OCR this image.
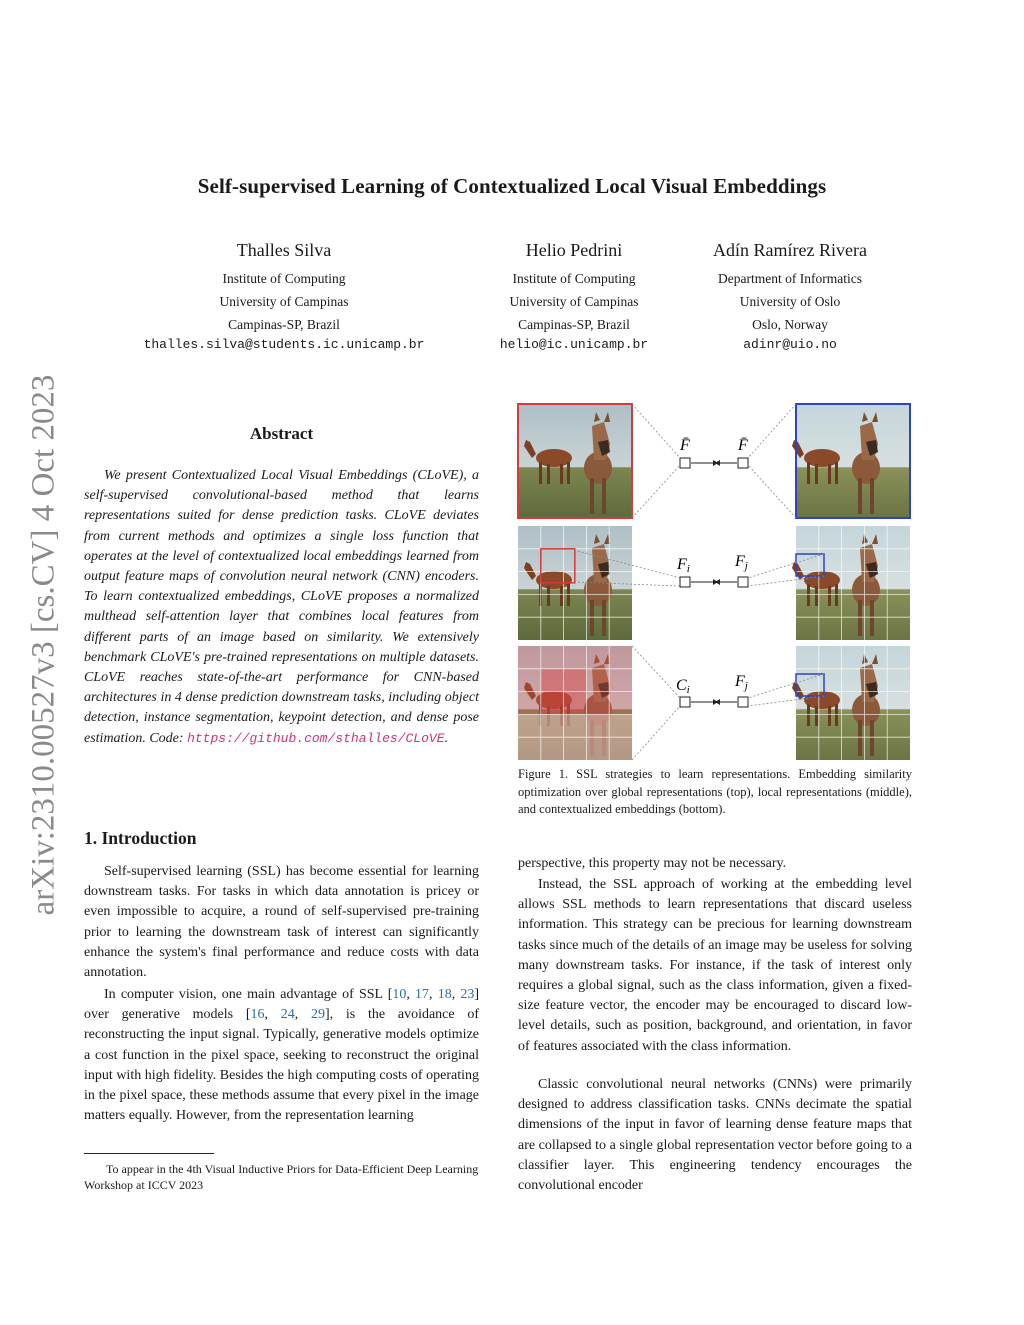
arXiv:2310.00527v3 [cs.CV] 4 Oct 2023
Self-supervised Learning of Contextualized Local Visual Embeddings
Thalles Silva
Institute of Computing
University of Campinas
Campinas-SP, Brazil
thalles.silva@students.ic.unicamp.br
Helio Pedrini
Institute of Computing
University of Campinas
Campinas-SP, Brazil
helio@ic.unicamp.br
Adín Ramírez Rivera
Department of Informatics
University of Oslo
Oslo, Norway
adinr@uio.no
Abstract
We present Contextualized Local Visual Embeddings (CLoVE), a self-supervised convolutional-based method that learns representations suited for dense prediction tasks. CLoVE deviates from current methods and optimizes a single loss function that operates at the level of contextualized local embeddings learned from output feature maps of convolution neural network (CNN) encoders. To learn contextualized embeddings, CLoVE proposes a normalized multhead self-attention layer that combines local features from different parts of an image based on similarity. We extensively benchmark CLoVE's pre-trained representations on multiple datasets. CLoVE reaches state-of-the-art performance for CNN-based architectures in 4 dense prediction downstream tasks, including object detection, instance segmentation, keypoint detection, and dense pose estimation. Code: https://github.com/sthalles/CLoVE.
1. Introduction
Self-supervised learning (SSL) has become essential for learning downstream tasks. For tasks in which data annotation is pricey or even impossible to acquire, a round of self-supervised pre-training prior to learning the downstream task of interest can significantly enhance the system's final performance and reduce costs with data annotation.
In computer vision, one main advantage of SSL [10, 17, 18, 23] over generative models [16, 24, 29], is the avoidance of reconstructing the input signal. Typically, generative models optimize a cost function in the pixel space, seeking to reconstruct the original input with high fidelity. Besides the high computing costs of operating in the pixel space, these methods assume that every pixel in the image matters equally. However, from the representation learning
To appear in the 4th Visual Inductive Priors for Data-Efficient Deep Learning Workshop at ICCV 2023
perspective, this property may not be necessary.
Instead, the SSL approach of working at the embedding level allows SSL methods to learn representations that discard useless information. This strategy can be precious for learning downstream tasks since much of the details of an image may be useless for solving many downstream tasks. For instance, if the task of interest only requires a global signal, such as the class information, given a fixed-size feature vector, the encoder may be encouraged to discard low-level details, such as position, background, and orientation, in favor of features associated with the class information.
Classic convolutional neural networks (CNNs) were primarily designed to address classification tasks. CNNs decimate the spatial dimensions of the input in favor of learning dense feature maps that are collapsed to a single global representation vector before going to a classifier layer. This engineering tendency encourages the convolutional encoder
F̄	F̄
Fi	Fj
Ci	Fj
Figure 1. SSL strategies to learn representations. Embedding similarity optimization over global representations (top), local representations (middle), and contextualized embeddings (bottom).
